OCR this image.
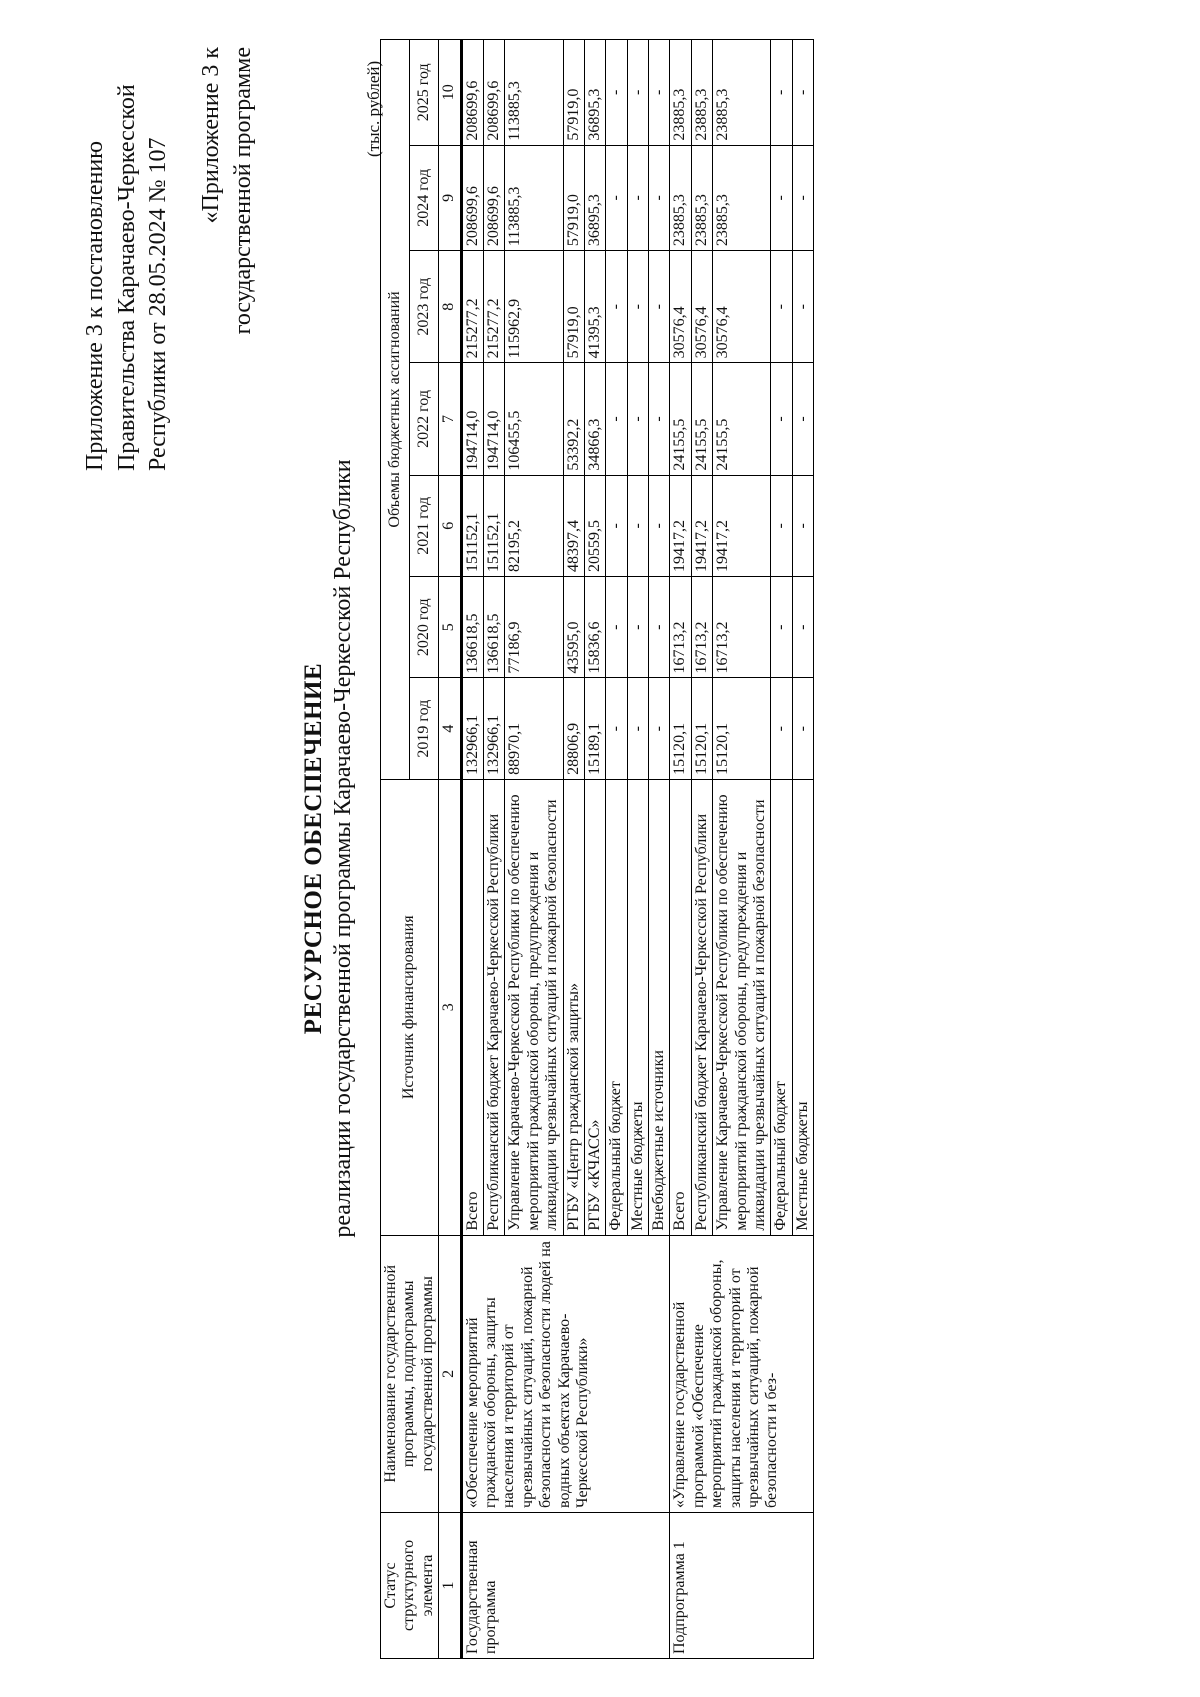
Приложение 3 к постановлению Правительства Карачаево-Черкесской Республики от 28.05.2024 № 107
«Приложение 3 к государственной программе
РЕСУРСНОЕ ОБЕСПЕЧЕНИЕ реализации государственной программы Карачаево-Черкесской Республики
(тыс. рублей)
Статус структурного элемента	Наименование государственной программы, подпрограммы государственной программы	Источник финансирования	Объемы бюджетных ассигнований						
			2019 год	2020 год	2021 год	2022 год	2023 год	2024 год	2025 год
1	2	3	4	5	6	7	8	9	10
Государственная программа	«Обеспечение мероприятий гражданской обороны, защиты населения и территорий от чрезвычайных ситуаций, пожарной безопасности и безопасности людей на водных объектах Карачаево-Черкесской Республики»	Всего	132966,1	136618,5	151152,1	194714,0	215277,2	208699,6	208699,6
		Республиканский бюджет Карачаево-Черкесской Республики	132966,1	136618,5	151152,1	194714,0	215277,2	208699,6	208699,6
		Управление Карачаево-Черкесской Республики по обеспечению мероприятий гражданской обороны, предупреждения и ликвидации чрезвычайных ситуаций и пожарной безопасности	88970,1	77186,9	82195,2	106455,5	115962,9	113885,3	113885,3
		РГБУ «Центр гражданской защиты»	28806,9	43595,0	48397,4	53392,2	57919,0	57919,0	57919,0
		РГБУ «КЧАСС»	15189,1	15836,6	20559,5	34866,3	41395,3	36895,3	36895,3
		Федеральный бюджет	-	-	-	-	-	-	-
		Местные бюджеты	-	-	-	-	-	-	-
		Внебюджетные источники	-	-	-	-	-	-	-
Подпрограмма 1	«Управление государственной программой «Обеспечение мероприятий гражданской обороны, защиты населения и территорий от чрезвычайных ситуаций, пожарной безопасности и без-	Всего	15120,1	16713,2	19417,2	24155,5	30576,4	23885,3	23885,3
		Республиканский бюджет Карачаево-Черкесской Республики	15120,1	16713,2	19417,2	24155,5	30576,4	23885,3	23885,3
		Управление Карачаево-Черкесской Республики по обеспечению мероприятий гражданской обороны, предупреждения и ликвидации чрезвычайных ситуаций и пожарной безопасности	15120,1	16713,2	19417,2	24155,5	30576,4	23885,3	23885,3
		Федеральный бюджет	-	-	-	-	-	-	-
		Местные бюджеты	-	-	-	-	-	-	-
